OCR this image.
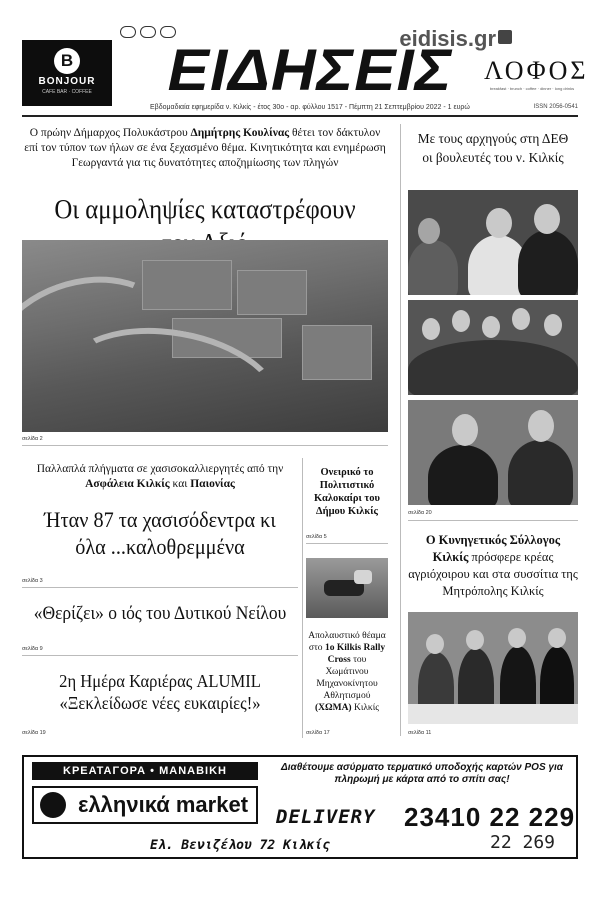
B
BONJOUR
CAFE BAR · COFFEE
eidisis.gr
ΕΙΔΗΣΕΙΣ	ΛΟΦΟΣ
breakfast · brunch · coffee · dinner · long drinks
Εβδομαδιαία εφημερίδα ν. Κιλκίς - έτος 30ο - αρ. φύλλου 1517 - Πέμπτη 21 Σεπτεμβρίου 2022 - 1 ευρώ	ISSN 2056-0541
Ο πρώην Δήμαρχος Πολυκάστρου Δημήτρης Κουλίνας θέτει τον δάκτυλον επί τον τύπον των ήλων σε ένα ξεχασμένο θέμα. Κινητικότητα και ενημέρωση Γεωργαντά για τις δυνατότητες αποζημίωσης των πληγών
Οι αμμοληψίες καταστρέφουν
σελίδα 2
Παλλαπλά πλήγματα σε χασισοκαλλιεργητές από την Ασφάλεια Κιλκίς και Παιονίας
Ήταν 87 τα χασισόδεντρα κι όλα ...καλοθρεμμένα
σελίδα 3
«Θερίζει» ο ιός του Δυτικού Νείλου
σελίδα 9
2η Ημέρα Καριέρας ALUMIL «Ξεκλείδωσε νέες ευκαιρίες!»
σελίδα 19
Ονειρικό το Πολιτιστικό Καλοκαίρι του Δήμου Κιλκίς
σελίδα 5
Απολαυστικό θέαμα στο 1ο Kilkis Rally Cross του Χωμάτινου Μηχανοκίνητου Αθλητισμού (ΧΩΜΑ) Κιλκίς
σελίδα 17
Με τους αρχηγούς στη ΔΕΘ οι βουλευτές του ν. Κιλκίς
σελίδα 20
Ο Κυνηγετικός Σύλλογος Κιλκίς πρόσφερε κρέας αγριόχοιρου και στα συσσίτια της Μητρόπολης Κιλκίς
σελίδα 11
ΚΡΕΑΤΑΓΟΡΑ • ΜΑΝΑΒΙΚΗ
ελληνικά market
Διαθέτουμε ασύρματο τερματικό υποδοχής καρτών POS για πληρωμή με κάρτα από το σπίτι σας!
DELIVERY 23410 22 229
22 269
Ελ. Βενιζέλου 72 Κιλκίς
